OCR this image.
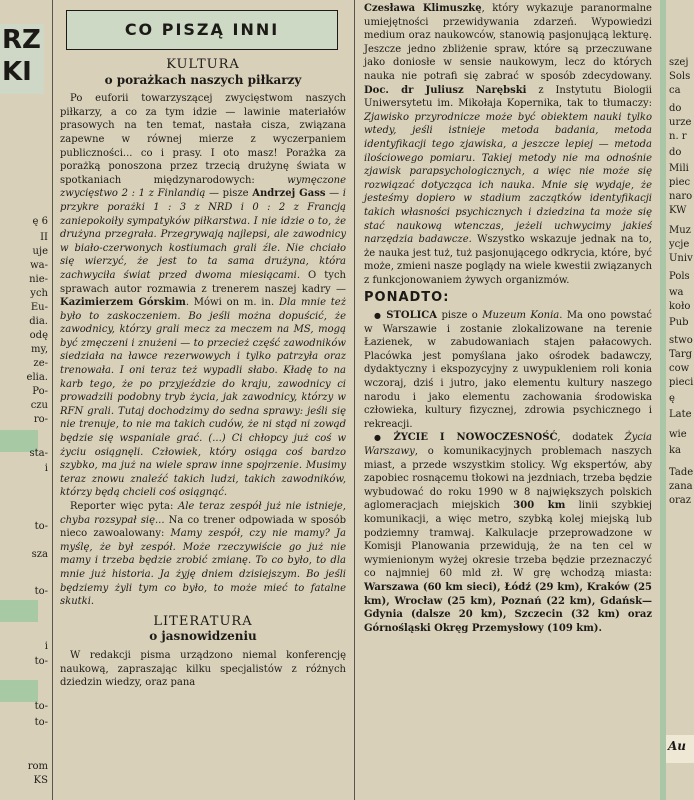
RZ
KI
ę 6
II
uje
wa-
nie-
ych
Eu-
dia.
odę
my,
ze-
elia.
Po-
czu
ro-
sta-
i
to-
sza
to-
i
to-
to-
to-
rom
KS
CO PISZĄ INNI
KULTURA
o porażkach naszych piłkarzy

Po euforii towarzyszącej zwycięstwom naszych piłkarzy, a co za tym idzie — lawinie materiałów prasowych na ten temat, nastała cisza, związana zapewne w równej mierze z wyczerpaniem publiczności... co i prasy. I oto masz! Porażka za porażką ponoszona przez trzecią drużynę świata w spotkaniach międzynarodowych: wymęczone zwycięstwo 2 : 1 z Finlandią — pisze Andrzej Gass — i przykre porażki 1 : 3 z NRD i 0 : 2 z Francją zaniepokoiły sympatyków piłkarstwa. I nie idzie o to, że drużyna przegrała. Przegrywają najlepsi, ale zawodnicy w biało-czerwonych kostiumach grali źle. Nie chciało się wierzyć, że jest to ta sama drużyna, która zachwyciła świat przed dwoma miesiącami. O tych sprawach autor rozmawia z trenerem naszej kadry — Kazimierzem Górskim. Mówi on m. in. Dla mnie też było to zaskoczeniem. Bo jeśli można dopuścić, że zawodnicy, którzy grali mecz za meczem na MS, mogą być zmęczeni i znużeni — to przecież część zawodników siedziała na ławce rezerwowych i tylko patrzyła oraz trenowała. I oni teraz też wypadli słabo. Kładę to na karb tego, że po przyjeździe do kraju, zawodnicy ci prowadzili podobny tryb życia, jak zawodnicy, którzy w RFN grali. Tutaj dochodzimy do sedna sprawy: jeśli się nie trenuje, to nie ma takich cudów, że ni stąd ni zowąd będzie się wspaniale grać. (...) Ci chłopcy już coś w życiu osiągnęli. Człowiek, który osiąga coś bardzo szybko, ma już na wiele spraw inne spojrzenie. Musimy teraz znowu znaleźć takich ludzi, takich zawodników, którzy będą chcieli coś osiągnąć.

Reporter więc pyta: Ale teraz zespół już nie istnieje, chyba rozsypał się... Na co trener odpowiada w sposób nieco zawoalowany: Mamy zespół, czy nie mamy? Ja myślę, że był zespół. Może rzeczywiście go już nie mamy i trzeba będzie zrobić zmianę. To co było, to dla mnie już historia. Ja żyję dniem dzisiejszym. Bo jeśli będziemy żyli tym co było, to może mieć to fatalne skutki.

LITERATURA
o jasnowidzeniu

W redakcji pisma urządzono niemal konferencję naukową, zapraszając kilku specjalistów z różnych dziedzin wiedzy, oraz pana

Czesława Klimuszkę, który wykazuje paranormalne umiejętności przewidywania zdarzeń. Wypowiedzi medium oraz naukowców, stanowią pasjonującą lekturę. Jeszcze jedno zbliżenie spraw, które są przeczuwane jako doniosłe w sensie naukowym, lecz do których nauka nie potrafi się zabrać w sposób zdecydowany. Doc. dr Juliusz Narębski z Instytutu Biologii Uniwersytetu im. Mikołaja Kopernika, tak to tłumaczy: Zjawisko przyrodnicze może być obiektem nauki tylko wtedy, jeśli istnieje metoda badania, metoda identyfikacji tego zjawiska, a jeszcze lepiej — metoda ilościowego pomiaru. Takiej metody nie ma odnośnie zjawisk parapsychologicznych, a więc nie może się rozwiązać dotycząca ich nauka. Mnie się wydaje, że jesteśmy dopiero w stadium zaczątków identyfikacji takich własności psychicznych i dziedzina ta może się stać naukową wtenczas, jeżeli uchwycimy jakieś narzędzia badawcze. Wszystko wskazuje jednak na to, że nauka jest tuż, tuż pasjonującego odkrycia, które, być może, zmieni nasze poglądy na wiele kwestii związanych z funkcjonowaniem żywych organizmów.

PONADTO:

● STOLICA pisze o Muzeum Konia. Ma ono powstać w Warszawie i zostanie zlokalizowane na terenie Łazienek, w zabudowaniach stajen pałacowych. Placówka jest pomyślana jako ośrodek badawczy, dydaktyczny i ekspozycyjny z uwypukleniem roli konia wczoraj, dziś i jutro, jako elementu kultury naszego narodu i jako elementu zachowania środowiska człowieka, kultury fizycznej, zdrowia psychicznego i rekreacji.

● ŻYCIE I NOWOCZESNOŚĆ, dodatek Życia Warszawy, o komunikacyjnych problemach naszych miast, a przede wszystkim stolicy. Wg ekspertów, aby zapobiec rosnącemu tłokowi na jezdniach, trzeba będzie wybudować do roku 1990 w 8 największych polskich aglomeracjach miejskich 300 km linii szybkiej komunikacji, a więc metro, szybką kolej miejską lub podziemny tramwaj. Kalkulacje przeprowadzone w Komisji Planowania przewidują, że na ten cel w wymienionym wyżej okresie trzeba będzie przeznaczyć co najmniej 60 mld zł. W grę wchodzą miasta: Warszawa (60 km sieci), Łódź (29 km), Kraków (25 km), Wrocław (25 km), Poznań (22 km), Gdańsk—Gdynia (dalsze 20 km), Szczecin (32 km) oraz Górnośląski Okręg Przemysłowy (109 km).

szej
Sols
ca
do
urze
n. r
do
Mili
piec
naro
KW
Muz
ycje
Univ
Pols
wa
koło
Pub
stwo
Targ
cow
pieci
ę
Late
wie
ka
Tade
zana
oraz
Au
